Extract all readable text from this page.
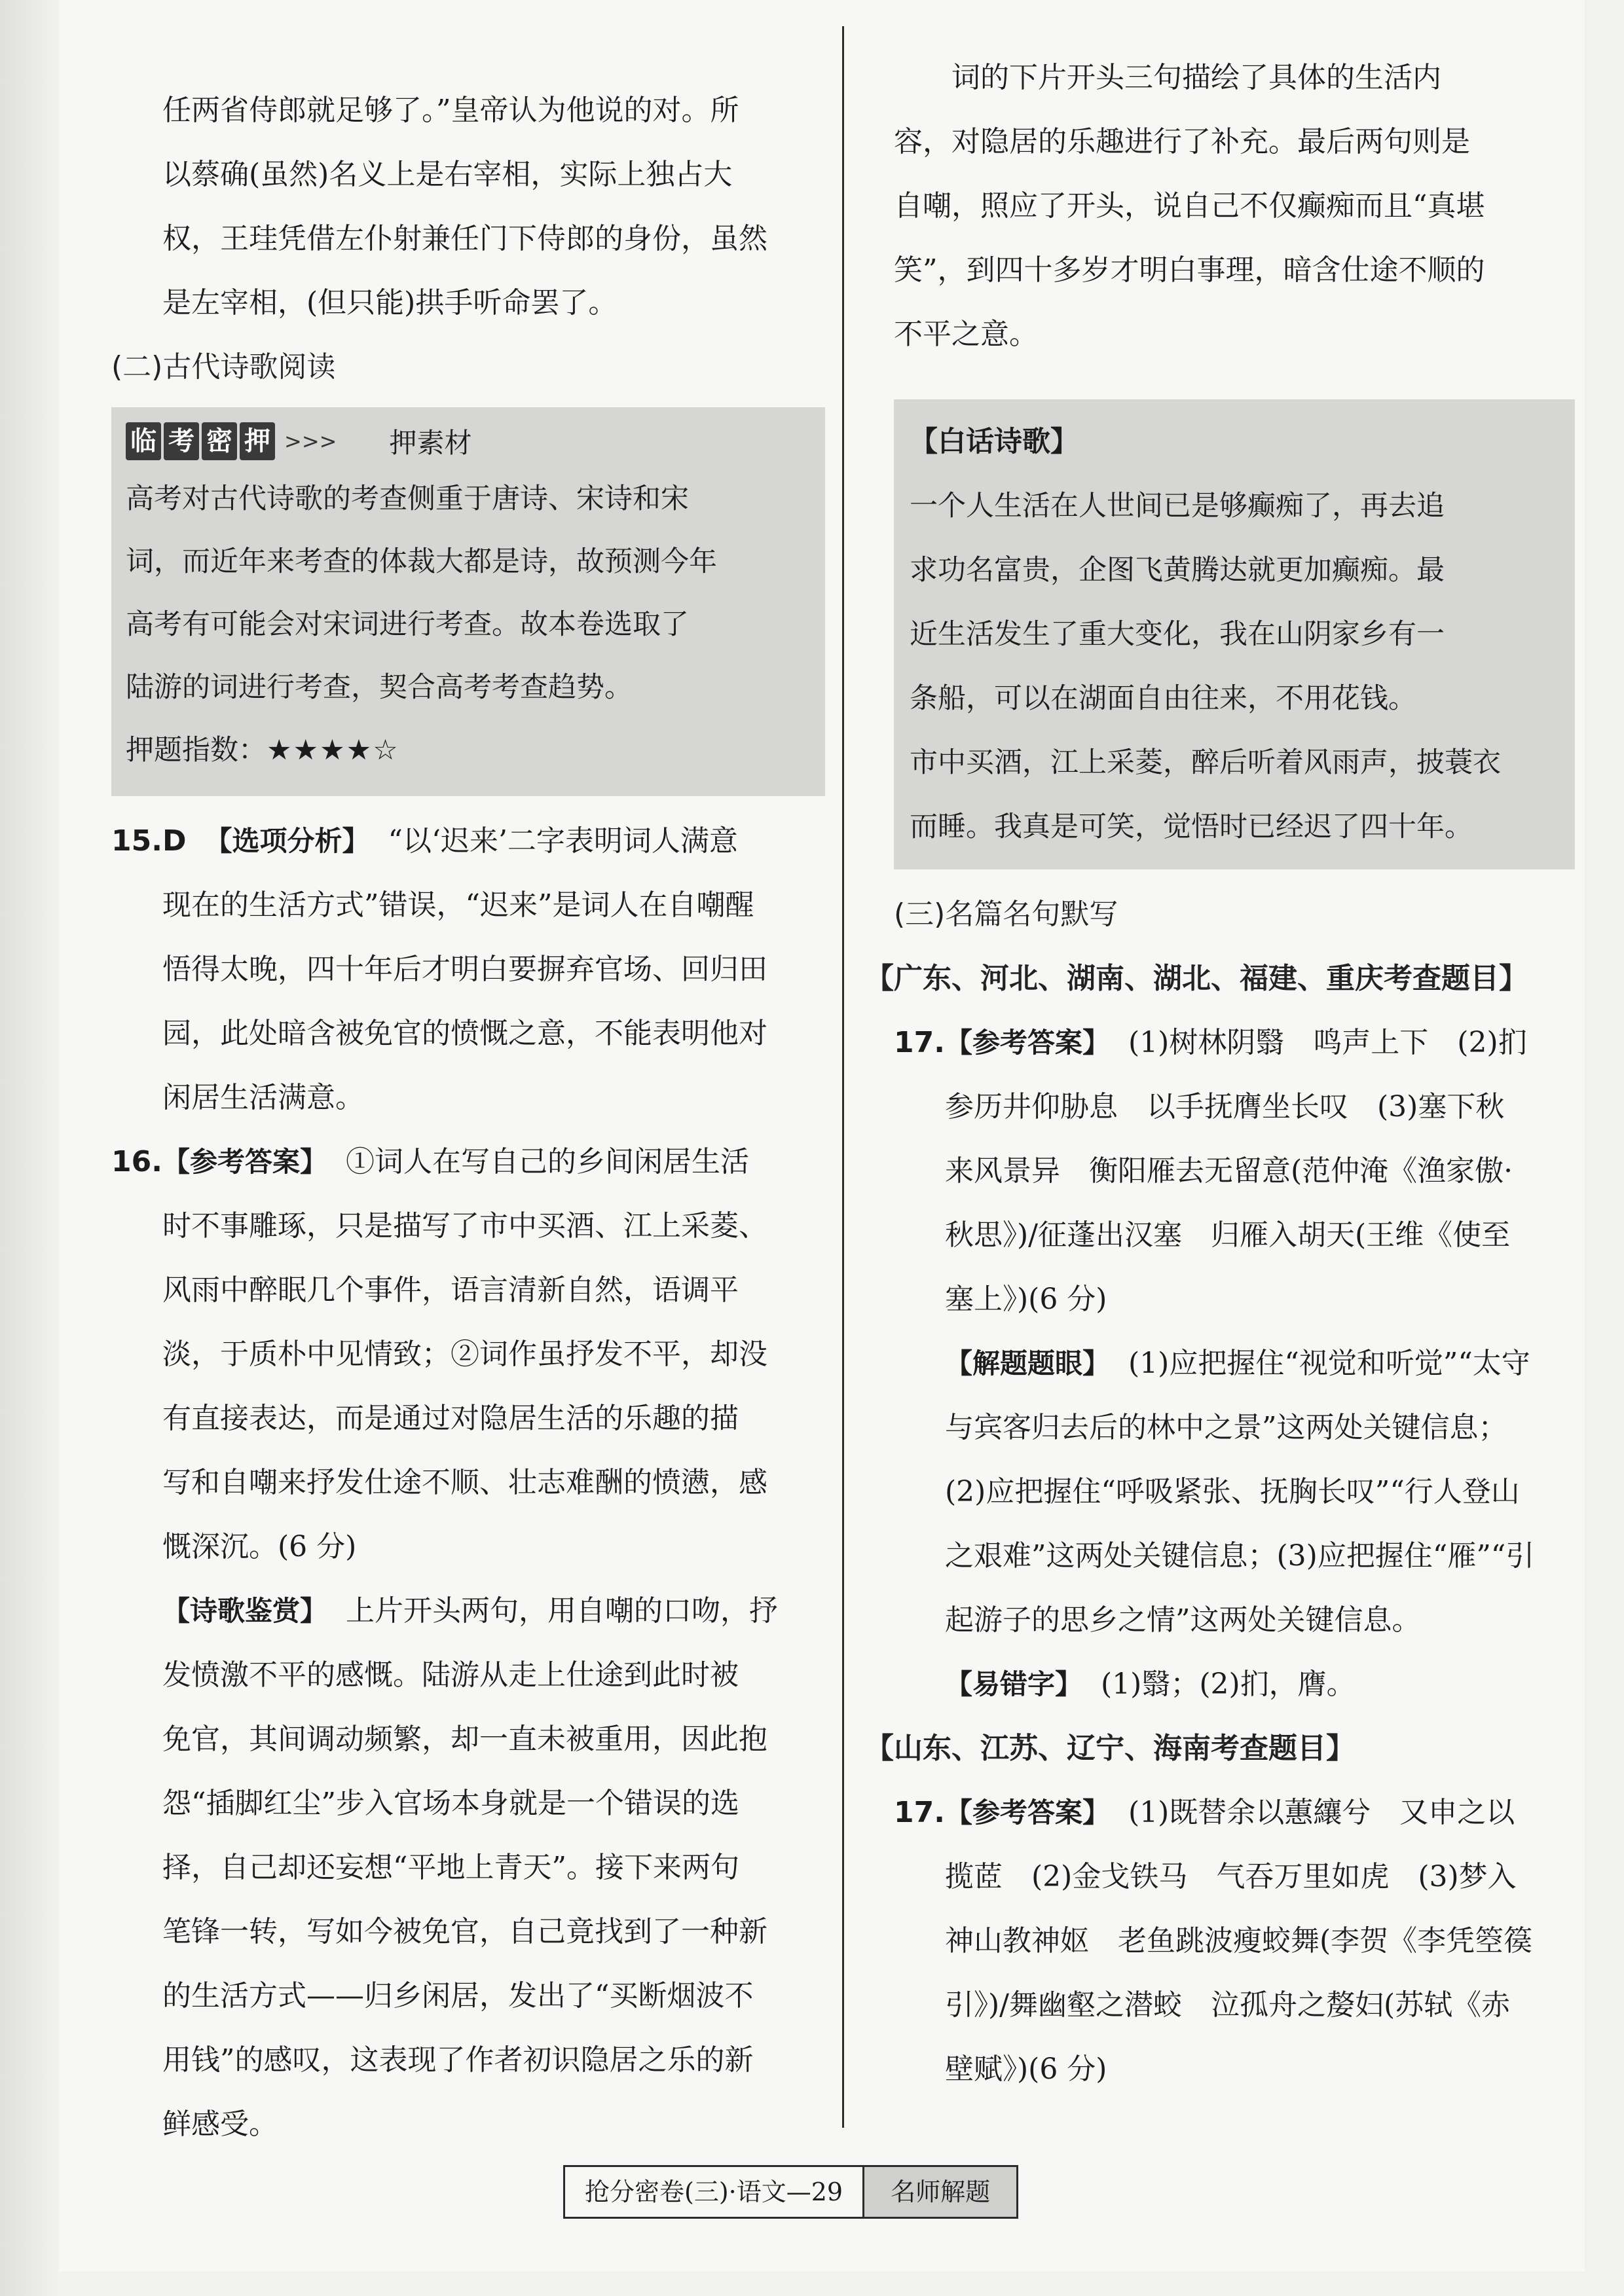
任两省侍郎就足够了。”皇帝认为他说的对。所

以蔡确(虽然)名义上是右宰相，实际上独占大

权，王珪凭借左仆射兼任门下侍郎的身份，虽然

是左宰相，(但只能)拱手听命罢了。

(二)古代诗歌阅读

临 考 密 押 >>> 押素材

高考对古代诗歌的考查侧重于唐诗、宋诗和宋

词，而近年来考查的体裁大都是诗，故预测今年

高考有可能会对宋词进行考查。故本卷选取了

陆游的词进行考查，契合高考考查趋势。

押题指数：★★★★☆

15.D 【选项分析】 “以‘迟来’二字表明词人满意

现在的生活方式”错误，“迟来”是词人在自嘲醒

悟得太晚，四十年后才明白要摒弃官场、回归田

园，此处暗含被免官的愤慨之意，不能表明他对

闲居生活满意。

16.【参考答案】 ①词人在写自己的乡间闲居生活

时不事雕琢，只是描写了市中买酒、江上采菱、

风雨中醉眠几个事件，语言清新自然，语调平

淡，于质朴中见情致；②词作虽抒发不平，却没

有直接表达，而是通过对隐居生活的乐趣的描

写和自嘲来抒发仕途不顺、壮志难酬的愤懑，感

慨深沉。(6 分)

【诗歌鉴赏】 上片开头两句，用自嘲的口吻，抒

发愤激不平的感慨。陆游从走上仕途到此时被

免官，其间调动频繁，却一直未被重用，因此抱

怨“插脚红尘”步入官场本身就是一个错误的选

择，自己却还妄想“平地上青天”。接下来两句

笔锋一转，写如今被免官，自己竟找到了一种新

的生活方式——归乡闲居，发出了“买断烟波不

用钱”的感叹，这表现了作者初识隐居之乐的新

鲜感受。

词的下片开头三句描绘了具体的生活内

容，对隐居的乐趣进行了补充。最后两句则是

自嘲，照应了开头，说自己不仅癫痴而且“真堪

笑”，到四十多岁才明白事理，暗含仕途不顺的

不平之意。

【白话诗歌】

一个人生活在人世间已是够癫痴了，再去追

求功名富贵，企图飞黄腾达就更加癫痴。最

近生活发生了重大变化，我在山阴家乡有一

条船，可以在湖面自由往来，不用花钱。

市中买酒，江上采菱，醉后听着风雨声，披蓑衣

而睡。我真是可笑，觉悟时已经迟了四十年。

(三)名篇名句默写

【广东、河北、湖南、湖北、福建、重庆考查题目】

17.【参考答案】 (1)树林阴翳　鸣声上下　(2)扪

参历井仰胁息　以手抚膺坐长叹　(3)塞下秋

来风景异　衡阳雁去无留意(范仲淹《渔家傲·

秋思》)/征蓬出汉塞　归雁入胡天(王维《使至

塞上》)(6 分)

【解题题眼】 (1)应把握住“视觉和听觉”“太守

与宾客归去后的林中之景”这两处关键信息；

(2)应把握住“呼吸紧张、抚胸长叹”“行人登山

之艰难”这两处关键信息；(3)应把握住“雁”“引

起游子的思乡之情”这两处关键信息。

【易错字】 (1)翳；(2)扪，膺。

【山东、江苏、辽宁、海南考查题目】

17.【参考答案】 (1)既替余以蕙纕兮　又申之以

揽茝　(2)金戈铁马　气吞万里如虎　(3)梦入

神山教神妪　老鱼跳波瘦蛟舞(李贺《李凭箜篌

引》)/舞幽壑之潜蛟　泣孤舟之嫠妇(苏轼《赤

壁赋》)(6 分)

抢分密卷(三)·语文—29	名师解题
